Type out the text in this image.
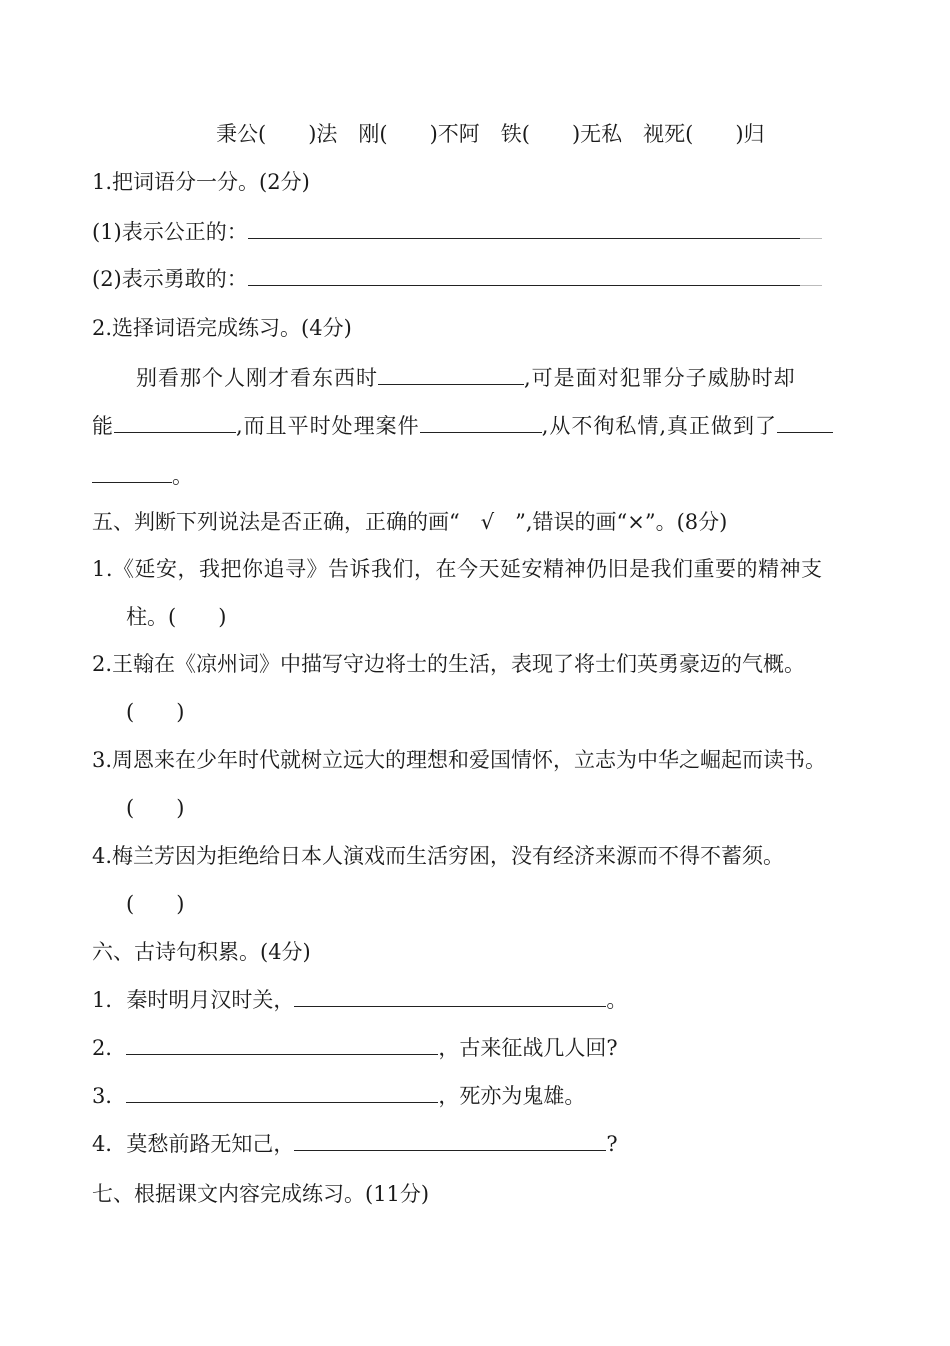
秉公(　　)法　刚(　　)不阿　铁(　　)无私　视死(　　)归
1.把词语分一分。(2分)
(1)表示公正的：
(2)表示勇敢的：
2.选择词语完成练习。(4分)
别看那个人刚才看东西时	,可是面对犯罪分子威胁时却
能	,而且平时处理案件	,从不徇私情,真正做到了
。
五、判断下列说法是否正确，正确的画“　√　”,错误的画“×”。(8分)
1.《延安，我把你追寻》告诉我们，在今天延安精神仍旧是我们重要的精神支
柱。(　　)
2.王翰在《凉州词》中描写守边将士的生活，表现了将士们英勇豪迈的气概。
(　　)
3.周恩来在少年时代就树立远大的理想和爱国情怀，立志为中华之崛起而读书。
(　　)
4.梅兰芳因为拒绝给日本人演戏而生活穷困，没有经济来源而不得不蓄须。
(　　)
六、古诗句积累。(4分)
1．秦时明月汉时关，	。
2．	，古来征战几人回?
3．	，死亦为鬼雄。
4．莫愁前路无知己，	?
七、根据课文内容完成练习。(11分)
